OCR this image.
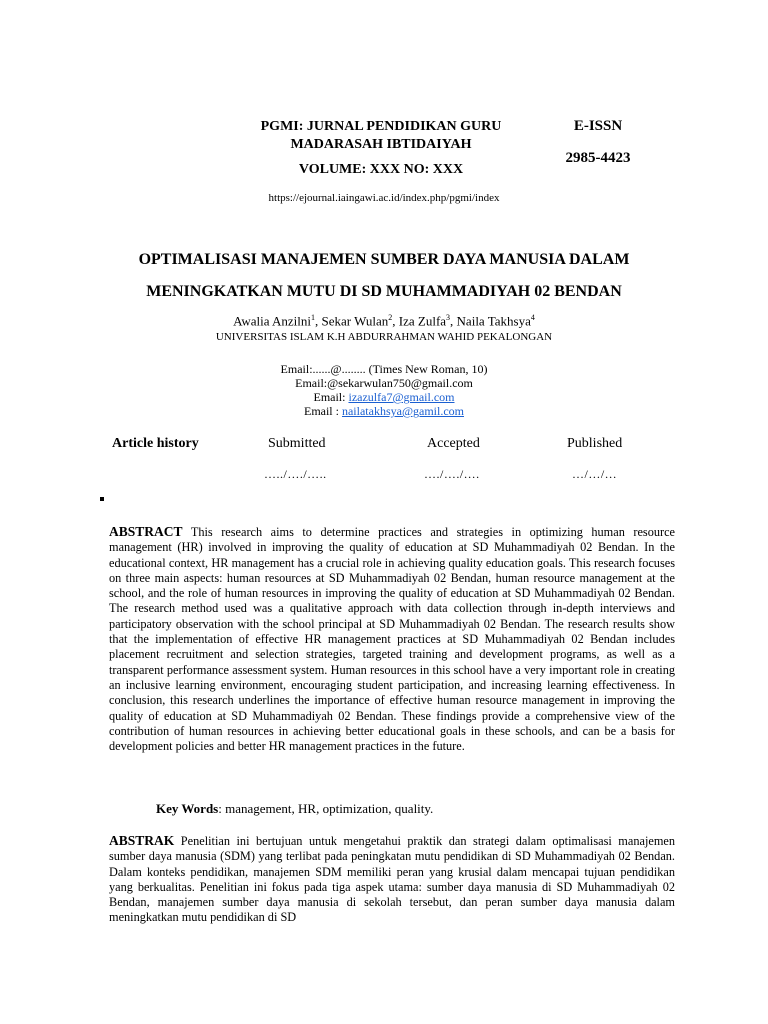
PGMI: JURNAL PENDIDIKAN GURU
MADARASAH IBTIDAIYAH
VOLUME: XXX NO: XXX
E-ISSN
2985-4423
https://ejournal.iaingawi.ac.id/index.php/pgmi/index
OPTIMALISASI MANAJEMEN SUMBER DAYA MANUSIA DALAM
MENINGKATKAN MUTU DI SD MUHAMMADIYAH 02 BENDAN
Awalia Anzilni$^1$, Sekar Wulan$^2$, Iza Zulfa$^3$, Naila Takhsya$^4$
UNIVERSITAS ISLAM K.H ABDURRAHMAN WAHID PEKALONGAN
Email:......@........ (Times New Roman, 10)
Email:@sekarwulan750@gmail.com
Email: izazulfa7@gmail.com
Email : nailatakhsya@gamil.com
Article history	Submitted	Accepted	Published
…../…./…..	…./…./….	…/…/…
ABSTRACT This research aims to determine practices and strategies in optimizing human resource management (HR) involved in improving the quality of education at SD Muhammadiyah 02 Bendan. In the educational context, HR management has a crucial role in achieving quality education goals. This research focuses on three main aspects: human resources at SD Muhammadiyah 02 Bendan, human resource management at the school, and the role of human resources in improving the quality of education at SD Muhammadiyah 02 Bendan. The research method used was a qualitative approach with data collection through in-depth interviews and participatory observation with the school principal at SD Muhammadiyah 02 Bendan. The research results show that the implementation of effective HR management practices at SD Muhammadiyah 02 Bendan includes placement recruitment and selection strategies, targeted training and development programs, as well as a transparent performance assessment system. Human resources in this school have a very important role in creating an inclusive learning environment, encouraging student participation, and increasing learning effectiveness. In conclusion, this research underlines the importance of effective human resource management in improving the quality of education at SD Muhammadiyah 02 Bendan. These findings provide a comprehensive view of the contribution of human resources in achieving better educational goals in these schools, and can be a basis for development policies and better HR management practices in the future.
Key Words: management, HR, optimization, quality.
ABSTRAK Penelitian ini bertujuan untuk mengetahui praktik dan strategi dalam optimalisasi manajemen sumber daya manusia (SDM) yang terlibat pada peningkatan mutu pendidikan di SD Muhammadiyah 02 Bendan. Dalam konteks pendidikan, manajemen SDM memiliki peran yang krusial dalam mencapai tujuan pendidikan yang berkualitas. Penelitian ini fokus pada tiga aspek utama: sumber daya manusia di SD Muhammadiyah 02 Bendan, manajemen sumber daya manusia di sekolah tersebut, dan peran sumber daya manusia dalam meningkatkan mutu pendidikan di SD
